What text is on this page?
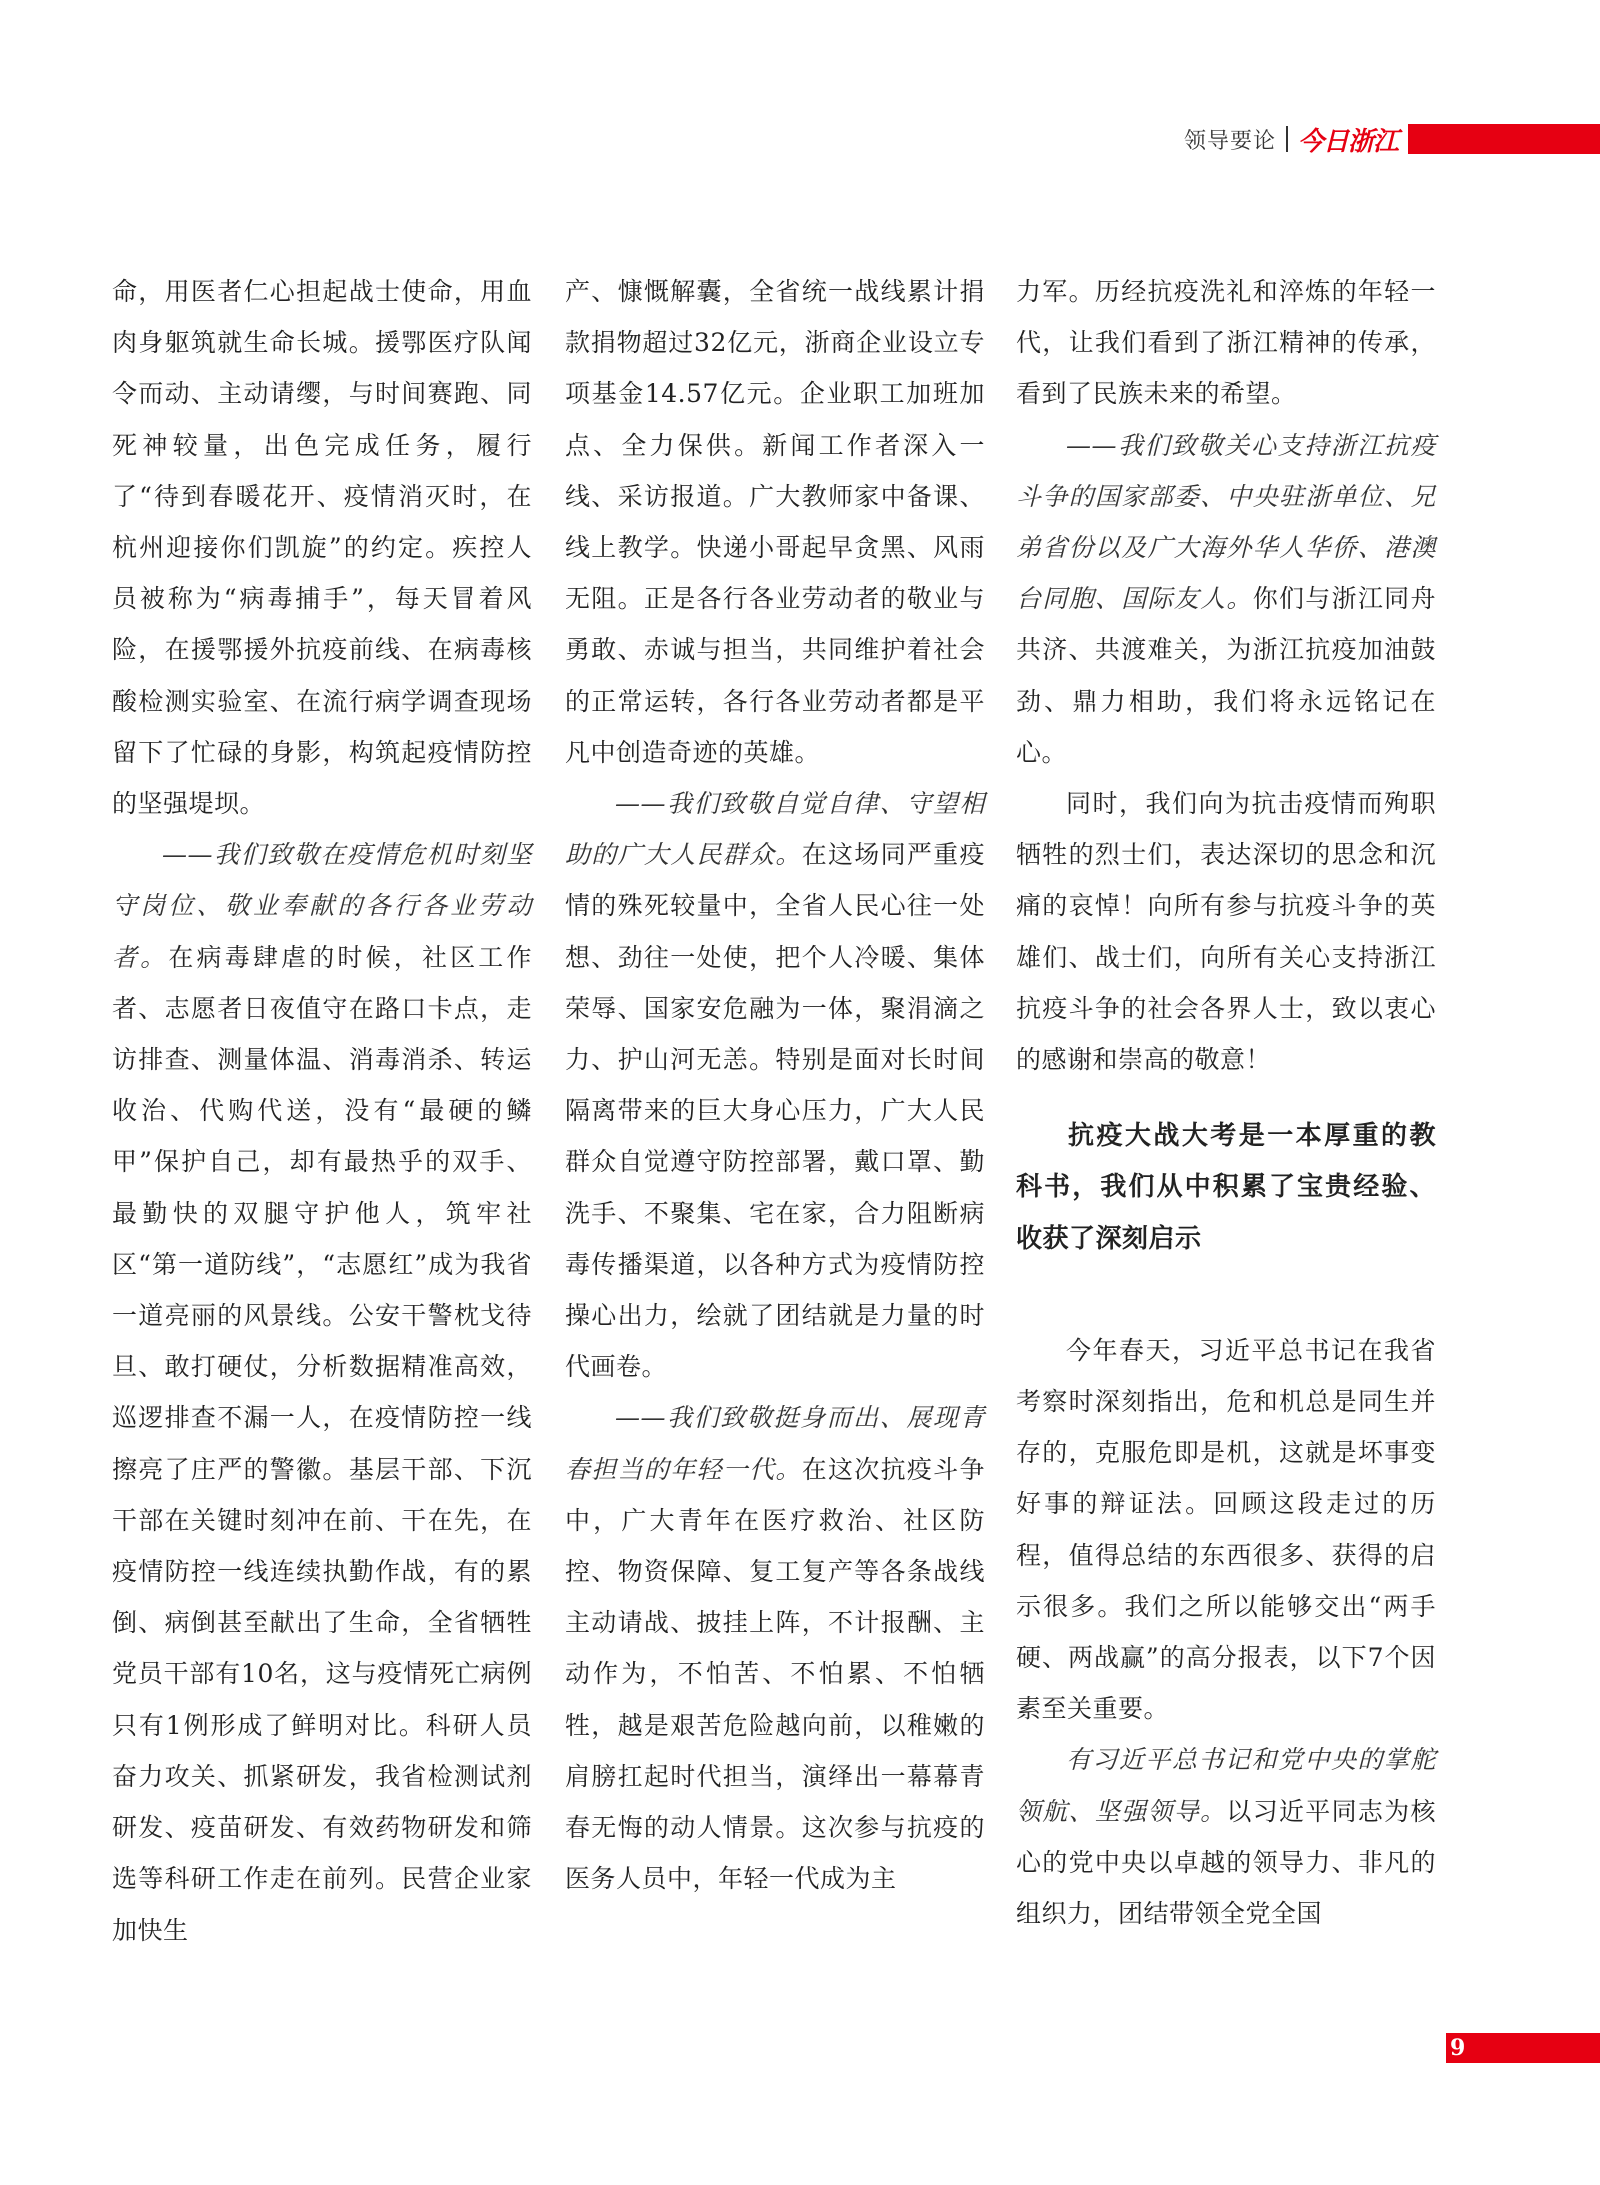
领导要论 今日浙江

命，用医者仁心担起战士使命，用血肉身躯筑就生命长城。援鄂医疗队闻令而动、主动请缨，与时间赛跑、同死神较量，出色完成任务，履行了“待到春暖花开、疫情消灭时，在杭州迎接你们凯旋”的约定。疾控人员被称为“病毒捕手”，每天冒着风险，在援鄂援外抗疫前线、在病毒核酸检测实验室、在流行病学调查现场留下了忙碌的身影，构筑起疫情防控的坚强堤坝。

——我们致敬在疫情危机时刻坚守岗位、敬业奉献的各行各业劳动者。在病毒肆虐的时候，社区工作者、志愿者日夜值守在路口卡点，走访排查、测量体温、消毒消杀、转运收治、代购代送，没有“最硬的鳞甲”保护自己，却有最热乎的双手、最勤快的双腿守护他人，筑牢社区“第一道防线”，“志愿红”成为我省一道亮丽的风景线。公安干警枕戈待旦、敢打硬仗，分析数据精准高效，巡逻排查不漏一人，在疫情防控一线擦亮了庄严的警徽。基层干部、下沉干部在关键时刻冲在前、干在先，在疫情防控一线连续执勤作战，有的累倒、病倒甚至献出了生命，全省牺牲党员干部有10名，这与疫情死亡病例只有1例形成了鲜明对比。科研人员奋力攻关、抓紧研发，我省检测试剂研发、疫苗研发、有效药物研发和筛选等科研工作走在前列。民营企业家加快生

产、慷慨解囊，全省统一战线累计捐款捐物超过32亿元，浙商企业设立专项基金14.57亿元。企业职工加班加点、全力保供。新闻工作者深入一线、采访报道。广大教师家中备课、线上教学。快递小哥起早贪黑、风雨无阻。正是各行各业劳动者的敬业与勇敢、赤诚与担当，共同维护着社会的正常运转，各行各业劳动者都是平凡中创造奇迹的英雄。

——我们致敬自觉自律、守望相助的广大人民群众。在这场同严重疫情的殊死较量中，全省人民心往一处想、劲往一处使，把个人冷暖、集体荣辱、国家安危融为一体，聚涓滴之力、护山河无恙。特别是面对长时间隔离带来的巨大身心压力，广大人民群众自觉遵守防控部署，戴口罩、勤洗手、不聚集、宅在家，合力阻断病毒传播渠道，以各种方式为疫情防控操心出力，绘就了团结就是力量的时代画卷。

——我们致敬挺身而出、展现青春担当的年轻一代。在这次抗疫斗争中，广大青年在医疗救治、社区防控、物资保障、复工复产等各条战线主动请战、披挂上阵，不计报酬、主动作为，不怕苦、不怕累、不怕牺牲，越是艰苦危险越向前，以稚嫩的肩膀扛起时代担当，演绎出一幕幕青春无悔的动人情景。这次参与抗疫的医务人员中，年轻一代成为主

力军。历经抗疫洗礼和淬炼的年轻一代，让我们看到了浙江精神的传承，看到了民族未来的希望。

——我们致敬关心支持浙江抗疫斗争的国家部委、中央驻浙单位、兄弟省份以及广大海外华人华侨、港澳台同胞、国际友人。你们与浙江同舟共济、共渡难关，为浙江抗疫加油鼓劲、鼎力相助，我们将永远铭记在心。

同时，我们向为抗击疫情而殉职牺牲的烈士们，表达深切的思念和沉痛的哀悼！向所有参与抗疫斗争的英雄们、战士们，向所有关心支持浙江抗疫斗争的社会各界人士，致以衷心的感谢和崇高的敬意！

抗疫大战大考是一本厚重的教科书，我们从中积累了宝贵经验、收获了深刻启示

今年春天，习近平总书记在我省考察时深刻指出，危和机总是同生并存的，克服危即是机，这就是坏事变好事的辩证法。回顾这段走过的历程，值得总结的东西很多、获得的启示很多。我们之所以能够交出“两手硬、两战赢”的高分报表，以下7个因素至关重要。

有习近平总书记和党中央的掌舵领航、坚强领导。以习近平同志为核心的党中央以卓越的领导力、非凡的组织力，团结带领全党全国

9
